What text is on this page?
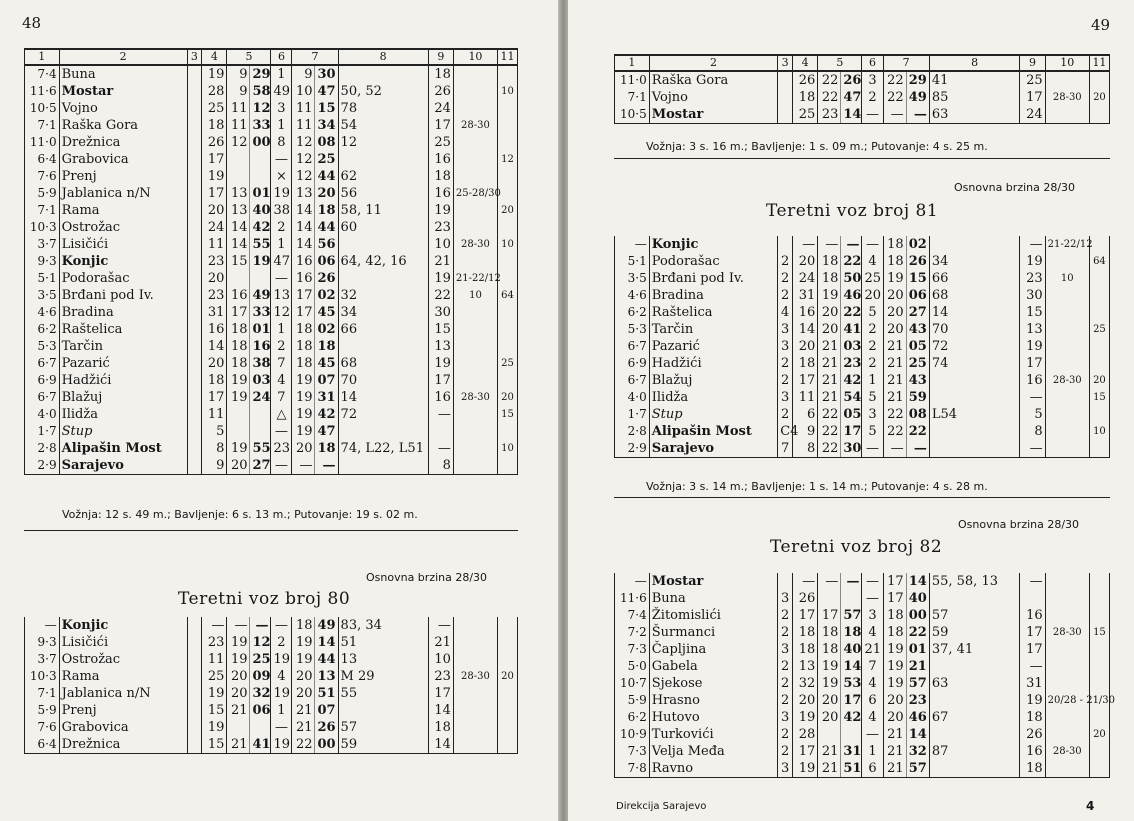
48
1	2	3	4	5		6	7		8	9	10	11
7·4	Buna		19	9	29	1	9	30		18		
11·6	Mostar		28	9	58	49	10	47	50, 52	26		10
10·5	Vojno		25	11	12	3	11	15	78	24		
7·1	Raška Gora		18	11	33	1	11	34	54	17	28-30	
11·0	Drežnica		26	12	00	8	12	08	12	25		
6·4	Grabovica		17			—	12	25		16		12
7·6	Prenj		19			×	12	44	62	18		
5·9	Jablanica n/N		17	13	01	19	13	20	56	16	25-28/30	
7·1	Rama		20	13	40	38	14	18	58, 11	19		20
10·3	Ostrožac		24	14	42	2	14	44	60	23		
3·7	Lisičići		11	14	55	1	14	56		10	28-30	10
9·3	Konjic		23	15	19	47	16	06	64, 42, 16	21		
5·1	Podorašac		20			—	16	26		19	21-22/12	
3·5	Brđani pod Iv.		23	16	49	13	17	02	32	22	10	64
4·6	Bradina		31	17	33	12	17	45	34	30		
6·2	Raštelica		16	18	01	1	18	02	66	15		
5·3	Tarčin		14	18	16	2	18	18		13		
6·7	Pazarić		20	18	38	7	18	45	68	19		25
6·9	Hadžići		18	19	03	4	19	07	70	17		
6·7	Blažuj		17	19	24	7	19	31	14	16	28-30	20
4·0	Ilidža		11			△	19	42	72	—		15
1·7	Stup		5			—	19	47				
2·8	Alipašin Most		8	19	55	23	20	18	74, L22, L51	—		10
2·9	Sarajevo		9	20	27	—	—	—		8		
Vožnja: 12 s. 49 m.; Bavljenje: 6 s. 13 m.; Putovanje: 19 s. 02 m.
Osnovna brzina 28/30
Teretni voz broj 80
—	Konjic		—	—	—	—	18	49	83, 34	—		
9·3	Lisičići		23	19	12	2	19	14	51	21		
3·7	Ostrožac		11	19	25	19	19	44	13	10		
10·3	Rama		25	20	09	4	20	13	M 29	23	28-30	20
7·1	Jablanica n/N		19	20	32	19	20	51	55	17		
5·9	Prenj		15	21	06	1	21	07		14		
7·6	Grabovica		19			—	21	26	57	18		
6·4	Drežnica		15	21	41	19	22	00	59	14		
49
1	2	3	4	5		6	7		8	9	10	11
11·0	Raška Gora		26	22	26	3	22	29	41	25		
7·1	Vojno		18	22	47	2	22	49	85	17	28-30	20
10·5	Mostar		25	23	14	—	—	—	63	24		
Vožnja: 3 s. 16 m.; Bavljenje: 1 s. 09 m.; Putovanje: 4 s. 25 m.
Osnovna brzina 28/30
Teretni voz broj 81
—	Konjic		—	—	—	—	18	02		—	21-22/12	
5·1	Podorašac	2	20	18	22	4	18	26	34	19		64
3·5	Brđani pod Iv.	2	24	18	50	25	19	15	66	23	10	
4·6	Bradina	2	31	19	46	20	20	06	68	30		
6·2	Raštelica	4	16	20	22	5	20	27	14	15		
5·3	Tarčin	3	14	20	41	2	20	43	70	13		25
6·7	Pazarić	3	20	21	03	2	21	05	72	19		
6·9	Hadžići	2	18	21	23	2	21	25	74	17		
6·7	Blažuj	2	17	21	42	1	21	43		16	28-30	20
4·0	Ilidža	3	11	21	54	5	21	59		—		15
1·7	Stup	2	6	22	05	3	22	08	L54	5		
2·8	Alipašin Most	C4	9	22	17	5	22	22		8		10
2·9	Sarajevo	7	8	22	30	—	—	—		—		
Vožnja: 3 s. 14 m.; Bavljenje: 1 s. 14 m.; Putovanje: 4 s. 28 m.
Osnovna brzina 28/30
Teretni voz broj 82
—	Mostar		—	—	—	—	17	14	55, 58, 13	—		
11·6	Buna	3	26			—	17	40				
7·4	Žitomislići	2	17	17	57	3	18	00	57	16		
7·2	Šurmanci	2	18	18	18	4	18	22	59	17	28-30	15
7·3	Čapljina	3	18	18	40	21	19	01	37, 41	17		
5·0	Gabela	2	13	19	14	7	19	21		—		
10·7	Sjekose	2	32	19	53	4	19	57	63	31		
5·9	Hrasno	2	20	20	17	6	20	23		19	20/28 - 21/30	
6·2	Hutovo	3	19	20	42	4	20	46	67	18		
10·9	Turkovići	2	28			—	21	14		26		20
7·3	Velja Međa	2	17	21	31	1	21	32	87	16	28-30	
7·8	Ravno	3	19	21	51	6	21	57		18		
Direkcija Sarajevo	4
